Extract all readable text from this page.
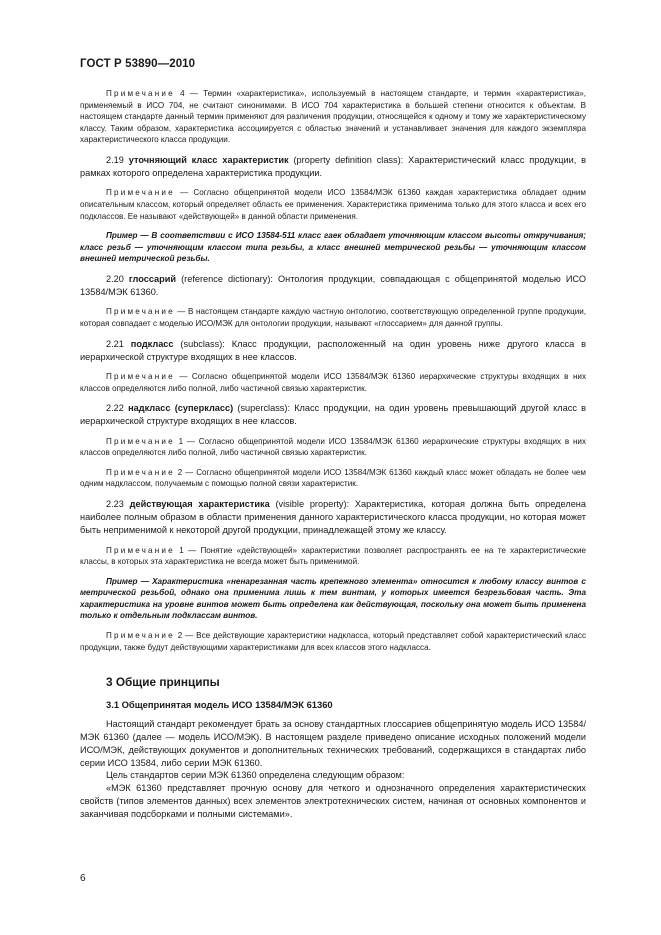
ГОСТ Р 53890—2010

Примечание 4 — Термин «характеристика», используемый в настоящем стандарте, и термин «характеристика», применяемый в ИСО 704, не считают синонимами. В ИСО 704 характеристика в большей степени относится к объектам. В настоящем стандарте данный термин применяют для различения продукции, относящейся к одному и тому же характеристическому классу. Таким образом, характеристика ассоциируется с областью значений и устанавливает значения для каждого экземпляра характеристического класса продукции.

2.19 уточняющий класс характеристик (property definition class): Характеристический класс продукции, в рамках которого определена характеристика продукции.

Примечание — Согласно общепринятой модели ИСО 13584/МЭК 61360 каждая характеристика обладает одним описательным классом, который определяет область ее применения. Характеристика применима только для этого класса и всех его подклассов. Ее называют «действующей» в данной области применения.

Пример — В соответствии с ИСО 13584-511 класс гаек обладает уточняющим классом высоты откручивания; класс резьб — уточняющим классом типа резьбы, а класс внешней метрической резьбы — уточняющим классом внешней метрической резьбы.

2.20 глоссарий (reference dictionary): Онтология продукции, совпадающая с общепринятой моделью ИСО 13584/МЭК 61360.

Примечание — В настоящем стандарте каждую частную онтологию, соответствующую определенной группе продукции, которая совпадает с моделью ИСО/МЭК для онтологии продукции, называют «глоссарием» для данной группы.

2.21 подкласс (subclass): Класс продукции, расположенный на один уровень ниже другого класса в иерархической структуре входящих в нее классов.

Примечание — Согласно общепринятой модели ИСО 13584/МЭК 61360 иерархические структуры входящих в них классов определяются либо полной, либо частичной связью характеристик.

2.22 надкласс (суперкласс) (superclass): Класс продукции, на один уровень превышающий другой класс в иерархической структуре входящих в нее классов.

Примечание 1 — Согласно общепринятой модели ИСО 13584/МЭК 61360 иерархические структуры входящих в них классов определяются либо полной, либо частичной связью характеристик.

Примечание 2 — Согласно общепринятой модели ИСО 13584/МЭК 61360 каждый класс может обладать не более чем одним надклассом, получаемым с помощью полной связи характеристик.

2.23 действующая характеристика (visible property): Характеристика, которая должна быть определена наиболее полным образом в области применения данного характеристического класса продукции, но которая может быть неприменимой к некоторой другой продукции, принадлежащей этому же классу.

Примечание 1 — Понятие «действующей» характеристики позволяет распространять ее на те характеристические классы, в которых эта характеристика не всегда может быть применимой.

Пример — Характеристика «ненарезанная часть крепежного элемента» относится к любому классу винтов с метрической резьбой, однако она применима лишь к тем винтам, у которых имеется безрезьбовая часть. Эта характеристика на уровне винтов может быть определена как действующая, поскольку она может быть применена только к отдельным подклассам винтов.

Примечание 2 — Все действующие характеристики надкласса, который представляет собой характеристический класс продукции, также будут действующими характеристиками для всех классов этого надкласса.

3 Общие принципы
3.1 Общепринятая модель ИСО 13584/МЭК 61360

Настоящий стандарт рекомендует брать за основу стандартных глоссариев общепринятую модель ИСО 13584/МЭК 61360 (далее — модель ИСО/МЭК). В настоящем разделе приведено описание исходных положений модели ИСО/МЭК, действующих документов и дополнительных технических требований, содержащихся в стандартах либо серии ИСО 13584, либо серии МЭК 61360.

Цель стандартов серии МЭК 61360 определена следующим образом:

«МЭК 61360 представляет прочную основу для четкого и однозначного определения характеристических свойств (типов элементов данных) всех элементов электротехнических систем, начиная от основных компонентов и заканчивая подсборками и полными системами».

6
